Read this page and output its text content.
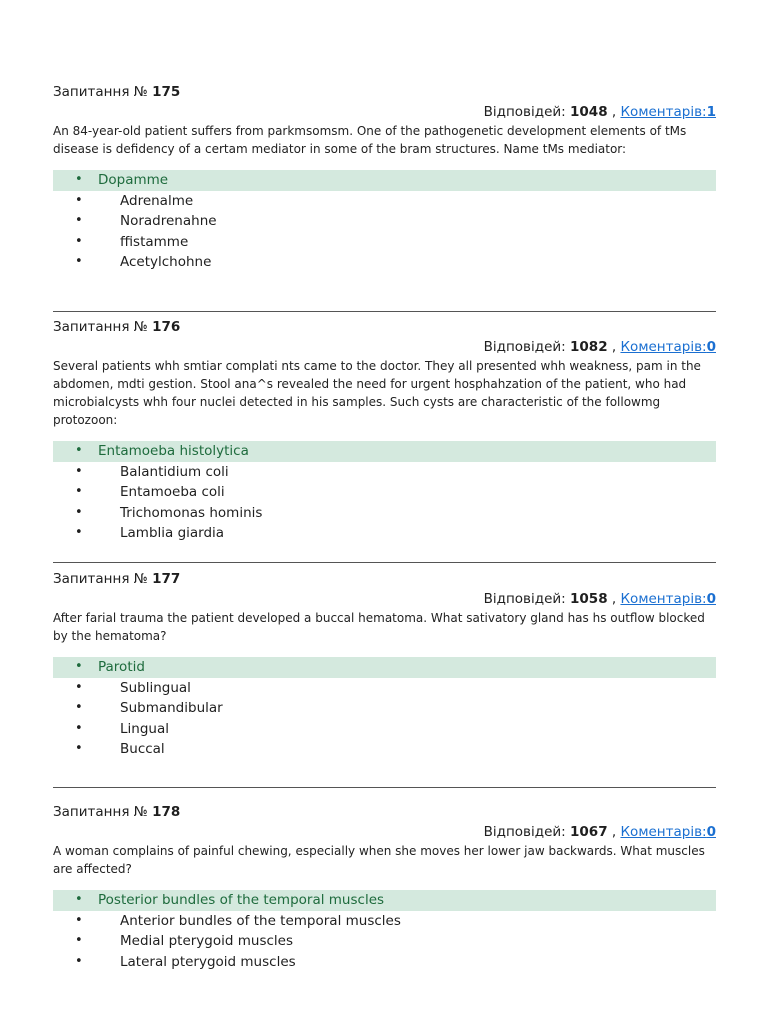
Запитання № 175
Відповідей: 1048 , Коментарів:1

An 84-year-old patient suffers from parkmsomsm. One of the pathogenetic development elements of tMs disease is defidency of a certam mediator in some of the bram structures. Name tMs mediator:

• Dopamme
• Adrenalme
• Noradrenahne
• ffistamme
• Acetylchohne
Запитання № 176
Відповідей: 1082 , Коментарів:0

Several patients whh smtiar complati nts came to the doctor. They all presented whh weakness, pam in the abdomen, mdti gestion. Stool ana^s revealed the need for urgent hosphahzation of the patient, who had microbialcysts whh four nuclei detected in his samples. Such cysts are characteristic of the followmg protozoon:

• Entamoeba histolytica
• Balantidium coli
• Entamoeba coli
• Trichomonas hominis
• Lamblia giardia
Запитання № 177
Відповідей: 1058 , Коментарів:0

After farial trauma the patient developed a buccal hematoma. What sativatory gland has hs outflow blocked by the hematoma?

• Parotid
• Sublingual
• Submandibular
• Lingual
• Buccal
Запитання № 178
Відповідей: 1067 , Коментарів:0

A woman complains of painful chewing, especially when she moves her lower jaw backwards. What muscles are affected?

• Posterior bundles of the temporal muscles
• Anterior bundles of the temporal muscles
• Medial pterygoid muscles
• Lateral pterygoid muscles
